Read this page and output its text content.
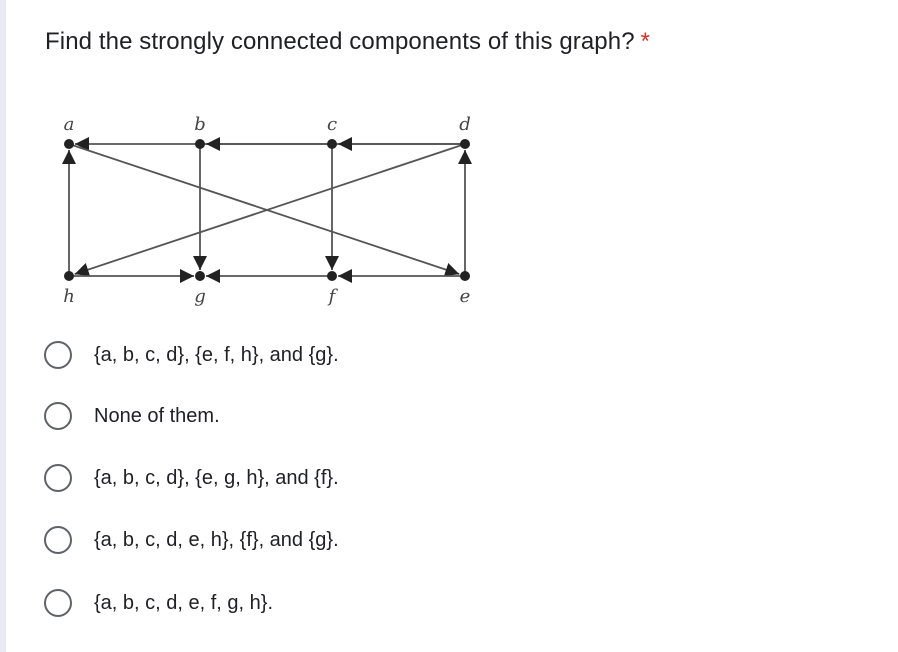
Find the strongly connected components of this graph? *
a	b	c	d
e
f
g
h
{a, b, c, d}, {e, f, h}, and {g}.
None of them.
{a, b, c, d}, {e, g, h}, and {f}.
{a, b, c, d, e, h}, {f}, and {g}.
{a, b, c, d, e, f, g, h}.
